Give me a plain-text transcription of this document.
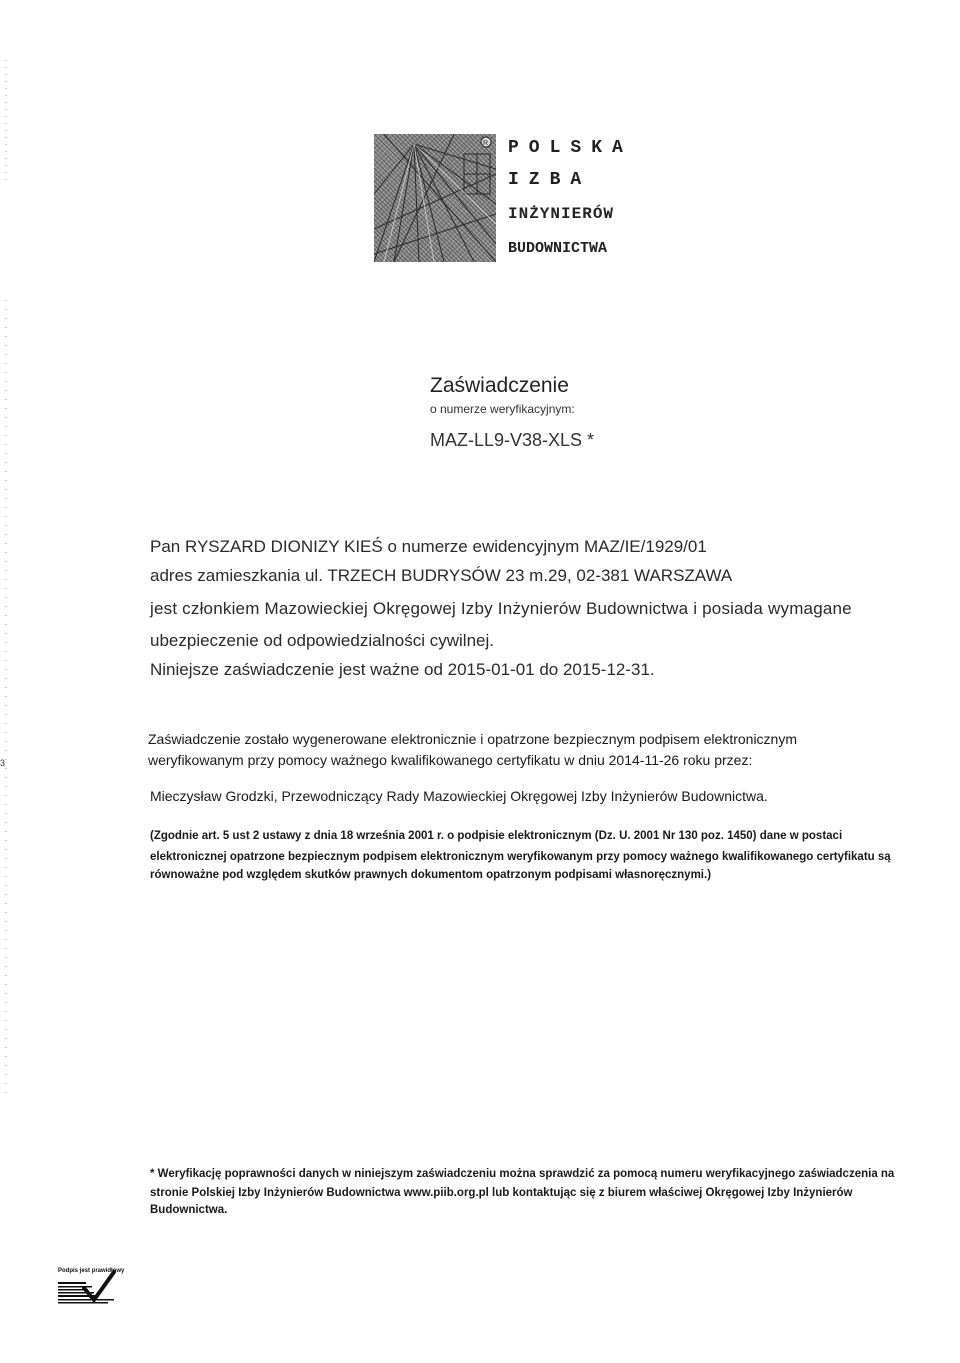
R POLSKA
IZBA
INŻYNIERÓW
BUDOWNICTWA
Zaświadczenie
o numerze weryfikacyjnym:
MAZ-LL9-V38-XLS *
Pan RYSZARD DIONIZY KIEŚ o numerze ewidencyjnym MAZ/IE/1929/01
adres zamieszkania ul. TRZECH BUDRYSÓW 23 m.29, 02-381 WARSZAWA
jest członkiem Mazowieckiej Okręgowej Izby Inżynierów Budownictwa i posiada wymagane
ubezpieczenie od odpowiedzialności cywilnej.
Niniejsze zaświadczenie jest ważne od 2015-01-01 do 2015-12-31.
Zaświadczenie zostało wygenerowane elektronicznie i opatrzone bezpiecznym podpisem elektronicznym
weryfikowanym przy pomocy ważnego kwalifikowanego certyfikatu w dniu 2014-11-26 roku przez:
Mieczysław Grodzki, Przewodniczący Rady Mazowieckiej Okręgowej Izby Inżynierów Budownictwa.
(Zgodnie art. 5 ust 2 ustawy z dnia 18 września 2001 r. o podpisie elektronicznym (Dz. U. 2001 Nr 130 poz. 1450) dane w postaci
elektronicznej opatrzone bezpiecznym podpisem elektronicznym weryfikowanym przy pomocy ważnego kwalifikowanego certyfikatu są
równoważne pod względem skutków prawnych dokumentom opatrzonym podpisami własnoręcznymi.)
* Weryfikację poprawności danych w niniejszym zaświadczeniu można sprawdzić za pomocą numeru weryfikacyjnego zaświadczenia na
stronie Polskiej Izby Inżynierów Budownictwa www.piib.org.pl lub kontaktując się z biurem właściwej Okręgowej Izby Inżynierów
Budownictwa.
Podpis jest prawidłowy
3
